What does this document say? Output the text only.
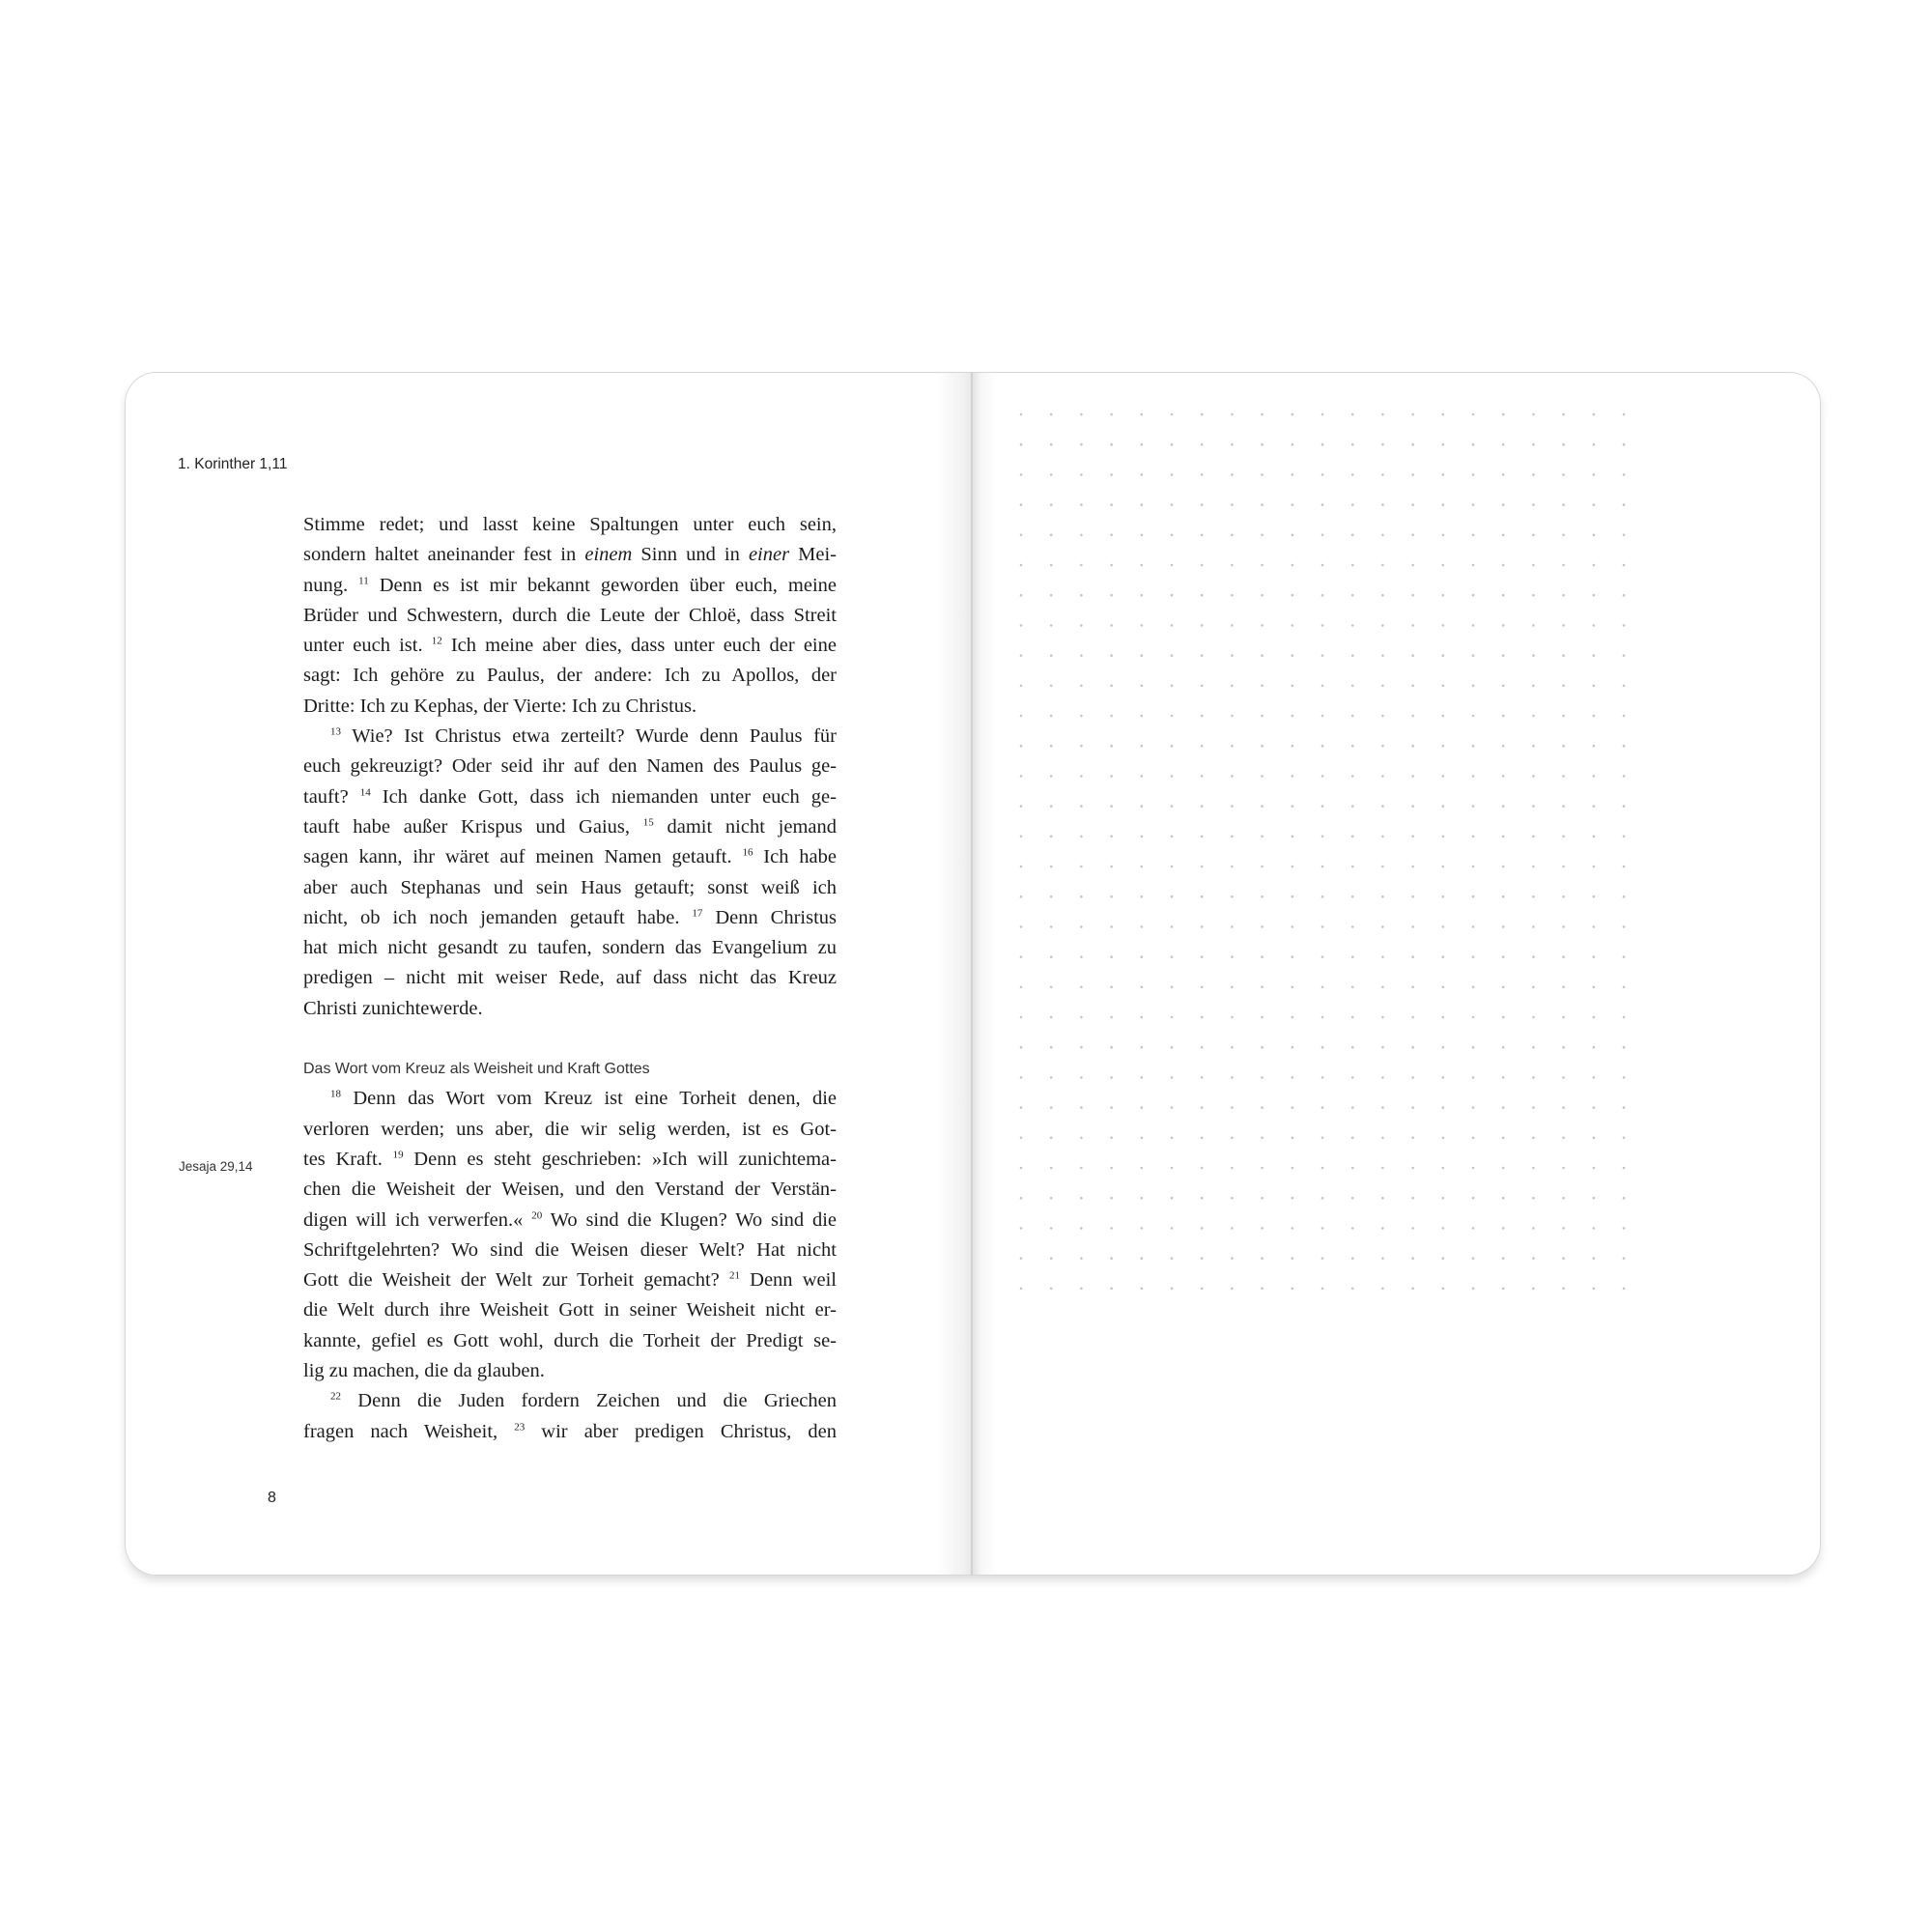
1. Korinther 1,11
Jesaja 29,14
Stimme redet; und lasst keine Spaltungen unter euch sein,
sondern haltet aneinander fest in einem Sinn und in einer Mei-
nung. $^{11}$ Denn es ist mir bekannt geworden über euch, meine
Brüder und Schwestern, durch die Leute der Chloë, dass Streit
unter euch ist. $^{12}$ Ich meine aber dies, dass unter euch der eine
sagt: Ich gehöre zu Paulus, der andere: Ich zu Apollos, der
Dritte: Ich zu Kephas, der Vierte: Ich zu Christus.
$^{13}$ Wie? Ist Christus etwa zerteilt? Wurde denn Paulus für
euch gekreuzigt? Oder seid ihr auf den Namen des Paulus ge-
tauft? $^{14}$ Ich danke Gott, dass ich niemanden unter euch ge-
tauft habe außer Krispus und Gaius, $^{15}$ damit nicht jemand
sagen kann, ihr wäret auf meinen Namen getauft. $^{16}$ Ich habe
aber auch Stephanas und sein Haus getauft; sonst weiß ich
nicht, ob ich noch jemanden getauft habe. $^{17}$ Denn Christus
hat mich nicht gesandt zu taufen, sondern das Evangelium zu
predigen – nicht mit weiser Rede, auf dass nicht das Kreuz
Christi zunichtewerde.
Das Wort vom Kreuz als Weisheit und Kraft Gottes
$^{18}$ Denn das Wort vom Kreuz ist eine Torheit denen, die
verloren werden; uns aber, die wir selig werden, ist es Got-
tes Kraft. $^{19}$ Denn es steht geschrieben: »Ich will zunichtema-
chen die Weisheit der Weisen, und den Verstand der Verstän-
digen will ich verwerfen.« $^{20}$ Wo sind die Klugen? Wo sind die
Schriftgelehrten? Wo sind die Weisen dieser Welt? Hat nicht
Gott die Weisheit der Welt zur Torheit gemacht? $^{21}$ Denn weil
die Welt durch ihre Weisheit Gott in seiner Weisheit nicht er-
kannte, gefiel es Gott wohl, durch die Torheit der Predigt se-
lig zu machen, die da glauben.
$^{22}$ Denn die Juden fordern Zeichen und die Griechen
fragen nach Weisheit, $^{23}$ wir aber predigen Christus, den
8
